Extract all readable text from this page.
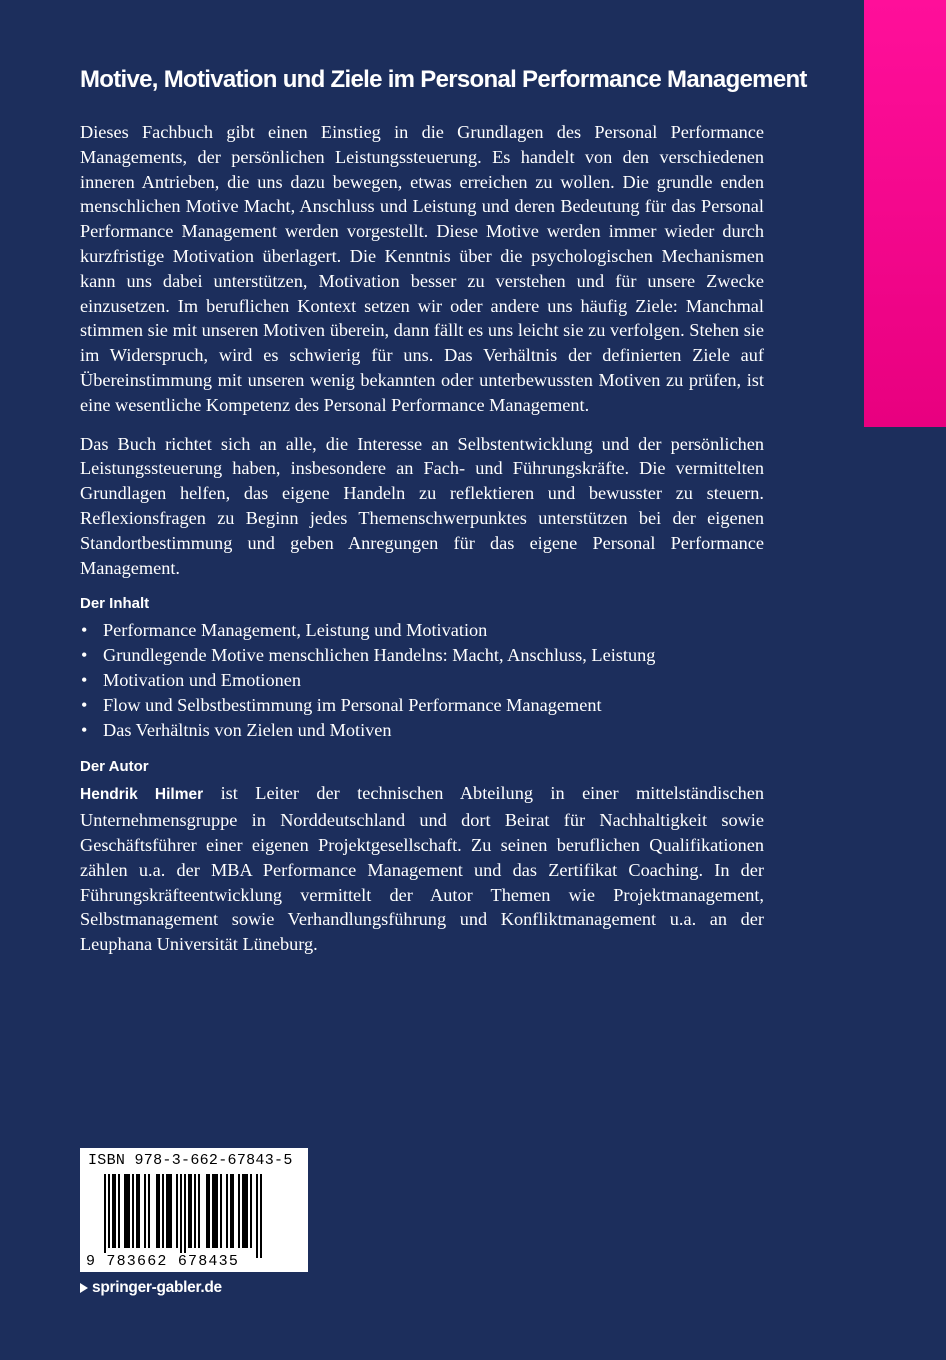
Motive, Motivation und Ziele im Personal Performance Management

Dieses Fachbuch gibt einen Einstieg in die Grundlagen des Personal Performance Managements, der persönlichen Leistungssteuerung. Es handelt von den verschiedenen inneren Antrieben, die uns dazu bewegen, etwas erreichen zu wollen. Die grundle enden menschlichen Motive Macht, Anschluss und Leistung und deren Bedeutung für das Personal Performance Management werden vorgestellt. Diese Motive werden immer wieder durch kurzfristige Motivation überlagert. Die Kenntnis über die psychologischen Mechanismen kann uns dabei unterstützen, Motivation besser zu verstehen und für unsere Zwecke einzusetzen. Im beruflichen Kontext setzen wir oder andere uns häufig Ziele: Manchmal stimmen sie mit unseren Motiven überein, dann fällt es uns leicht sie zu verfolgen. Stehen sie im Widerspruch, wird es schwierig für uns. Das Verhältnis der definierten Ziele auf Übereinstimmung mit unseren wenig bekannten oder unterbewussten Motiven zu prüfen, ist eine wesentliche Kompetenz des Personal Performance Management.

Das Buch richtet sich an alle, die Interesse an Selbstentwicklung und der persönlichen Leistungssteuerung haben, insbesondere an Fach- und Führungskräfte. Die vermittelten Grundlagen helfen, das eigene Handeln zu reflektieren und bewusster zu steuern. Reflexionsfragen zu Beginn jedes Themenschwerpunktes unterstützen bei der eigenen Standortbestimmung und geben Anregungen für das eigene Personal Performance Management.

Der Inhalt
• Performance Management, Leistung und Motivation
• Grundlegende Motive menschlichen Handelns: Macht, Anschluss, Leistung
• Motivation und Emotionen
• Flow und Selbstbestimmung im Personal Performance Management
• Das Verhältnis von Zielen und Motiven
Der Autor

Hendrik Hilmer ist Leiter der technischen Abteilung in einer mittelständischen Unternehmensgruppe in Norddeutschland und dort Beirat für Nachhaltigkeit sowie Geschäftsführer einer eigenen Projektgesellschaft. Zu seinen beruflichen Qualifikationen zählen u.a. der MBA Performance Management und das Zertifikat Coaching. In der Führungskräfteentwicklung vermittelt der Autor Themen wie Projektmanagement, Selbstmanagement sowie Verhandlungsführung und Konfliktmanagement u.a. an der Leuphana Universität Lüneburg.

ISBN 978-3-662-67843-5
9 783662 678435
springer-gabler.de
